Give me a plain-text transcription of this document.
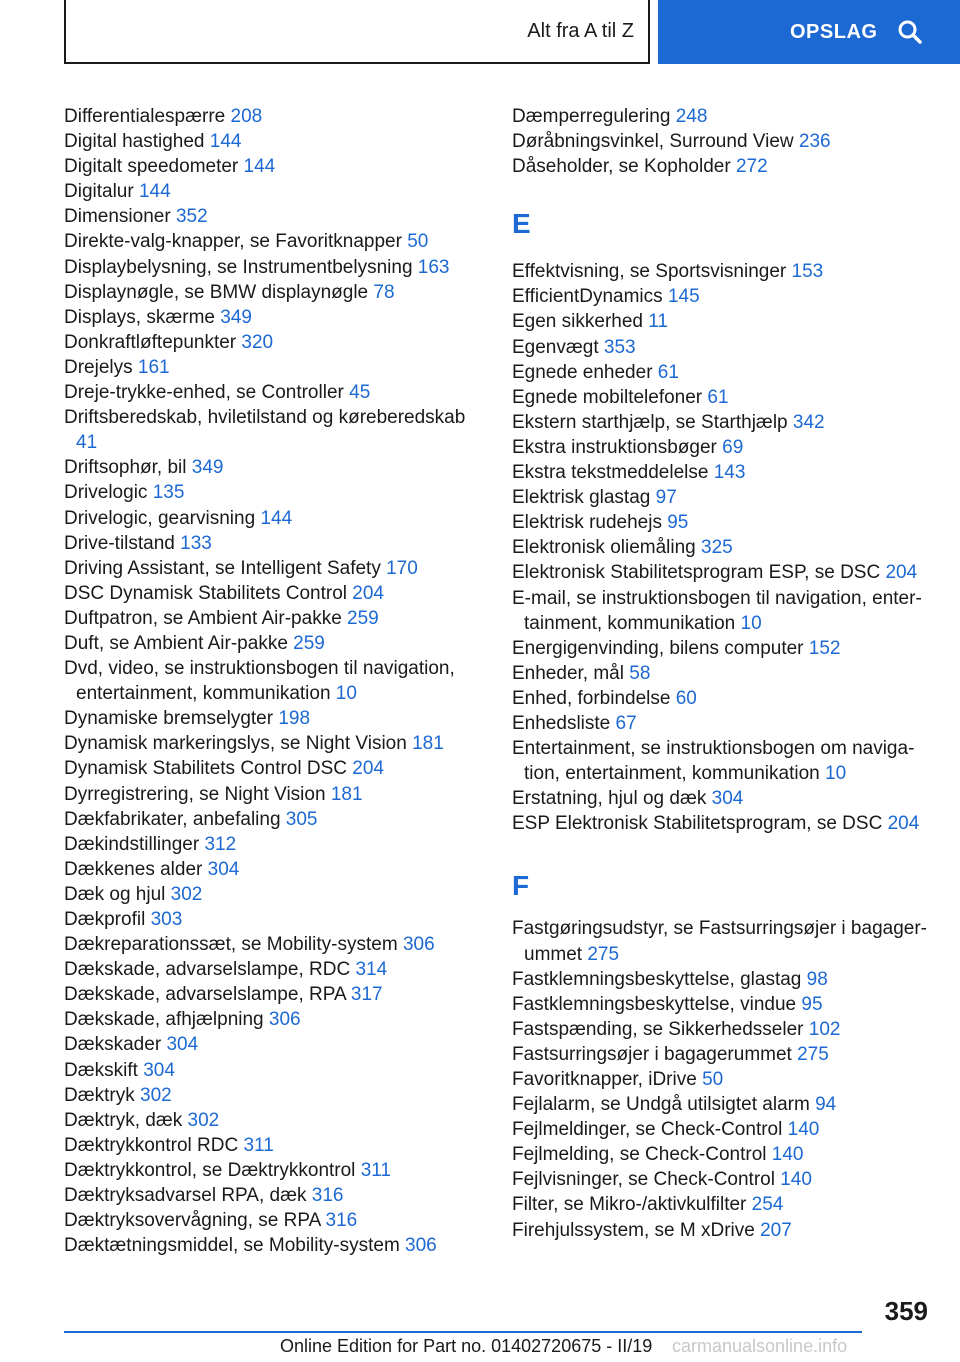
Alt fra A til Z	OPSLAG
Differentialespærre 208
Digital hastighed 144
Digitalt speedometer 144
Digitalur 144
Dimensioner 352
Direkte-valg-knapper, se Favoritknapper 50
Displaybelysning, se Instrumentbelysning 163
Displaynøgle, se BMW displaynøgle 78
Displays, skærme 349
Donkraftløftepunkter 320
Drejelys 161
Dreje-trykke-enhed, se Controller 45
Driftsberedskab, hviletilstand og køreberedskab 41
Driftsophør, bil 349
Drivelogic 135
Drivelogic, gearvisning 144
Drive-tilstand 133
Driving Assistant, se Intelligent Safety 170
DSC Dynamisk Stabilitets Control 204
Duftpatron, se Ambient Air-pakke 259
Duft, se Ambient Air-pakke 259
Dvd, video, se instruktionsbogen til navigation, entertainment, kommunikation 10
Dynamiske bremselygter 198
Dynamisk markeringslys, se Night Vision 181
Dynamisk Stabilitets Control DSC 204
Dyrregistrering, se Night Vision 181
Dækfabrikater, anbefaling 305
Dækindstillinger 312
Dækkenes alder 304
Dæk og hjul 302
Dækprofil 303
Dækreparationssæt, se Mobility-system 306
Dækskade, advarselslampe, RDC 314
Dækskade, advarselslampe, RPA 317
Dækskade, afhjælpning 306
Dækskader 304
Dækskift 304
Dæktryk 302
Dæktryk, dæk 302
Dæktrykkontrol RDC 311
Dæktrykkontrol, se Dæktrykkontrol 311
Dæktryksadvarsel RPA, dæk 316
Dæktryksovervågning, se RPA 316
Dæktætningsmiddel, se Mobility-system 306
Dæmperregulering 248
Døråbningsvinkel, Surround View 236
Dåseholder, se Kopholder 272
E
Effektvisning, se Sportsvisninger 153
EfficientDynamics 145
Egen sikkerhed 11
Egenvægt 353
Egnede enheder 61
Egnede mobiltelefoner 61
Ekstern starthjælp, se Starthjælp 342
Ekstra instruktionsbøger 69
Ekstra tekstmeddelelse 143
Elektrisk glastag 97
Elektrisk rudehejs 95
Elektronisk oliemåling 325
Elektronisk Stabilitetsprogram ESP, se DSC 204
E-mail, se instruktionsbogen til navigation, entertainment, kommunikation 10
Energigenvinding, bilens computer 152
Enheder, mål 58
Enhed, forbindelse 60
Enhedsliste 67
Entertainment, se instruktionsbogen om navigation, entertainment, kommunikation 10
Erstatning, hjul og dæk 304
ESP Elektronisk Stabilitetsprogram, se DSC 204
F
Fastgøringsudstyr, se Fastsurringsøjer i bagagerummet 275
Fastklemningsbeskyttelse, glastag 98
Fastklemningsbeskyttelse, vindue 95
Fastspænding, se Sikkerhedsseler 102
Fastsurringsøjer i bagagerummet 275
Favoritknapper, iDrive 50
Fejlalarm, se Undgå utilsigtet alarm 94
Fejlmeldinger, se Check-Control 140
Fejlmelding, se Check-Control 140
Fejlvisninger, se Check-Control 140
Filter, se Mikro-/aktivkulfilter 254
Firehjulssystem, se M xDrive 207
359
Online Edition for Part no. 01402720675 - II/19 carmanualsonline.info
